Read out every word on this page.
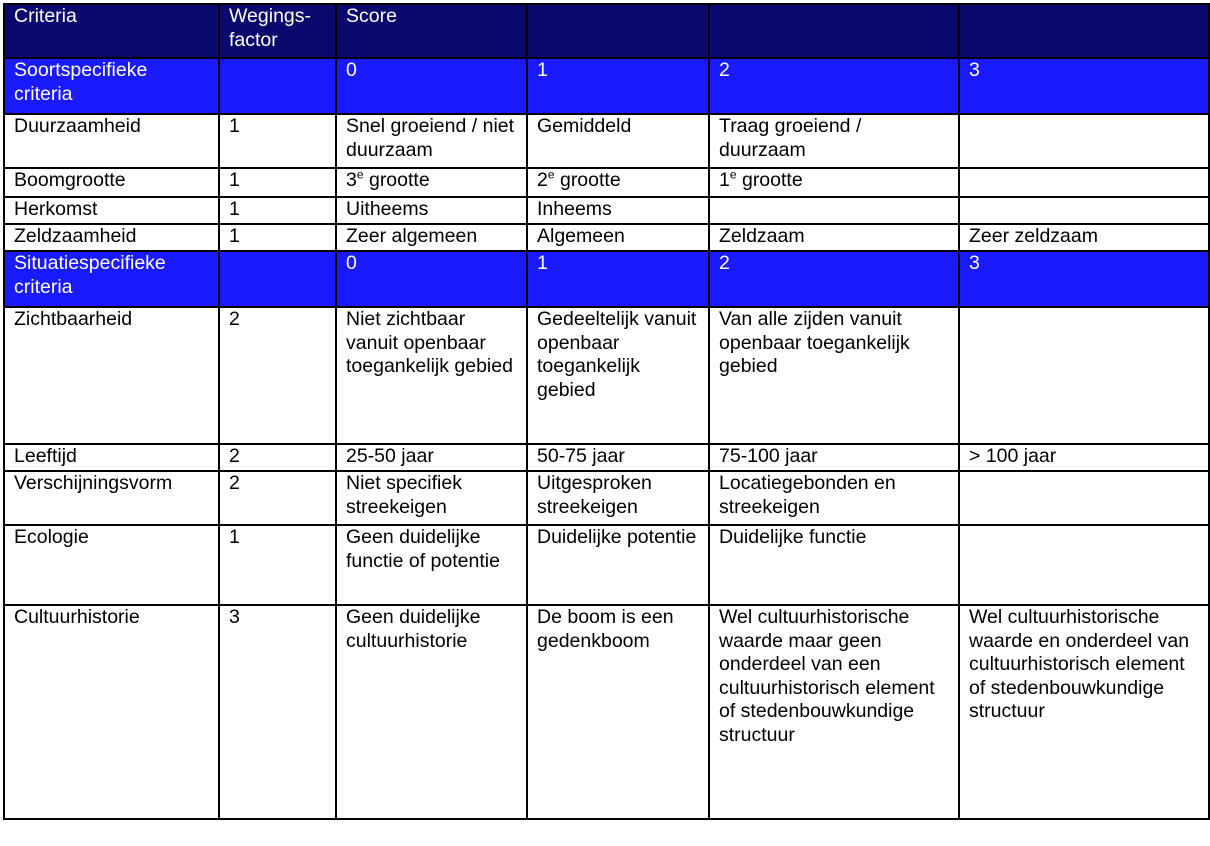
Criteria	Wegings-factor	Score			
Soortspecifieke criteria		0	1	2	3
Duurzaamheid	1	Snel groeiend / niet duurzaam	Gemiddeld	Traag groeiend / duurzaam	
Boomgrootte	1	3e grootte	2e grootte	1e grootte	
Herkomst	1	Uitheems	Inheems		
Zeldzaamheid	1	Zeer algemeen	Algemeen	Zeldzaam	Zeer zeldzaam
Situatiespecifieke criteria		0	1	2	3
Zichtbaarheid	2	Niet zichtbaar vanuit openbaar toegankelijk gebied	Gedeeltelijk vanuit openbaar toegankelijk gebied	Van alle zijden vanuit openbaar toegankelijk gebied	
Leeftijd	2	25-50 jaar	50-75 jaar	75-100 jaar	> 100 jaar
Verschijningsvorm	2	Niet specifiek streekeigen	Uitgesproken streekeigen	Locatiegebonden en streekeigen	
Ecologie	1	Geen duidelijke functie of potentie	Duidelijke potentie	Duidelijke functie	
Cultuurhistorie	3	Geen duidelijke cultuurhistorie	De boom is een gedenkboom	Wel cultuurhistorische waarde maar geen onderdeel van een cultuurhistorisch element of stedenbouwkundige structuur	Wel cultuurhistorische waarde en onderdeel van cultuurhistorisch element of stedenbouwkundige structuur
